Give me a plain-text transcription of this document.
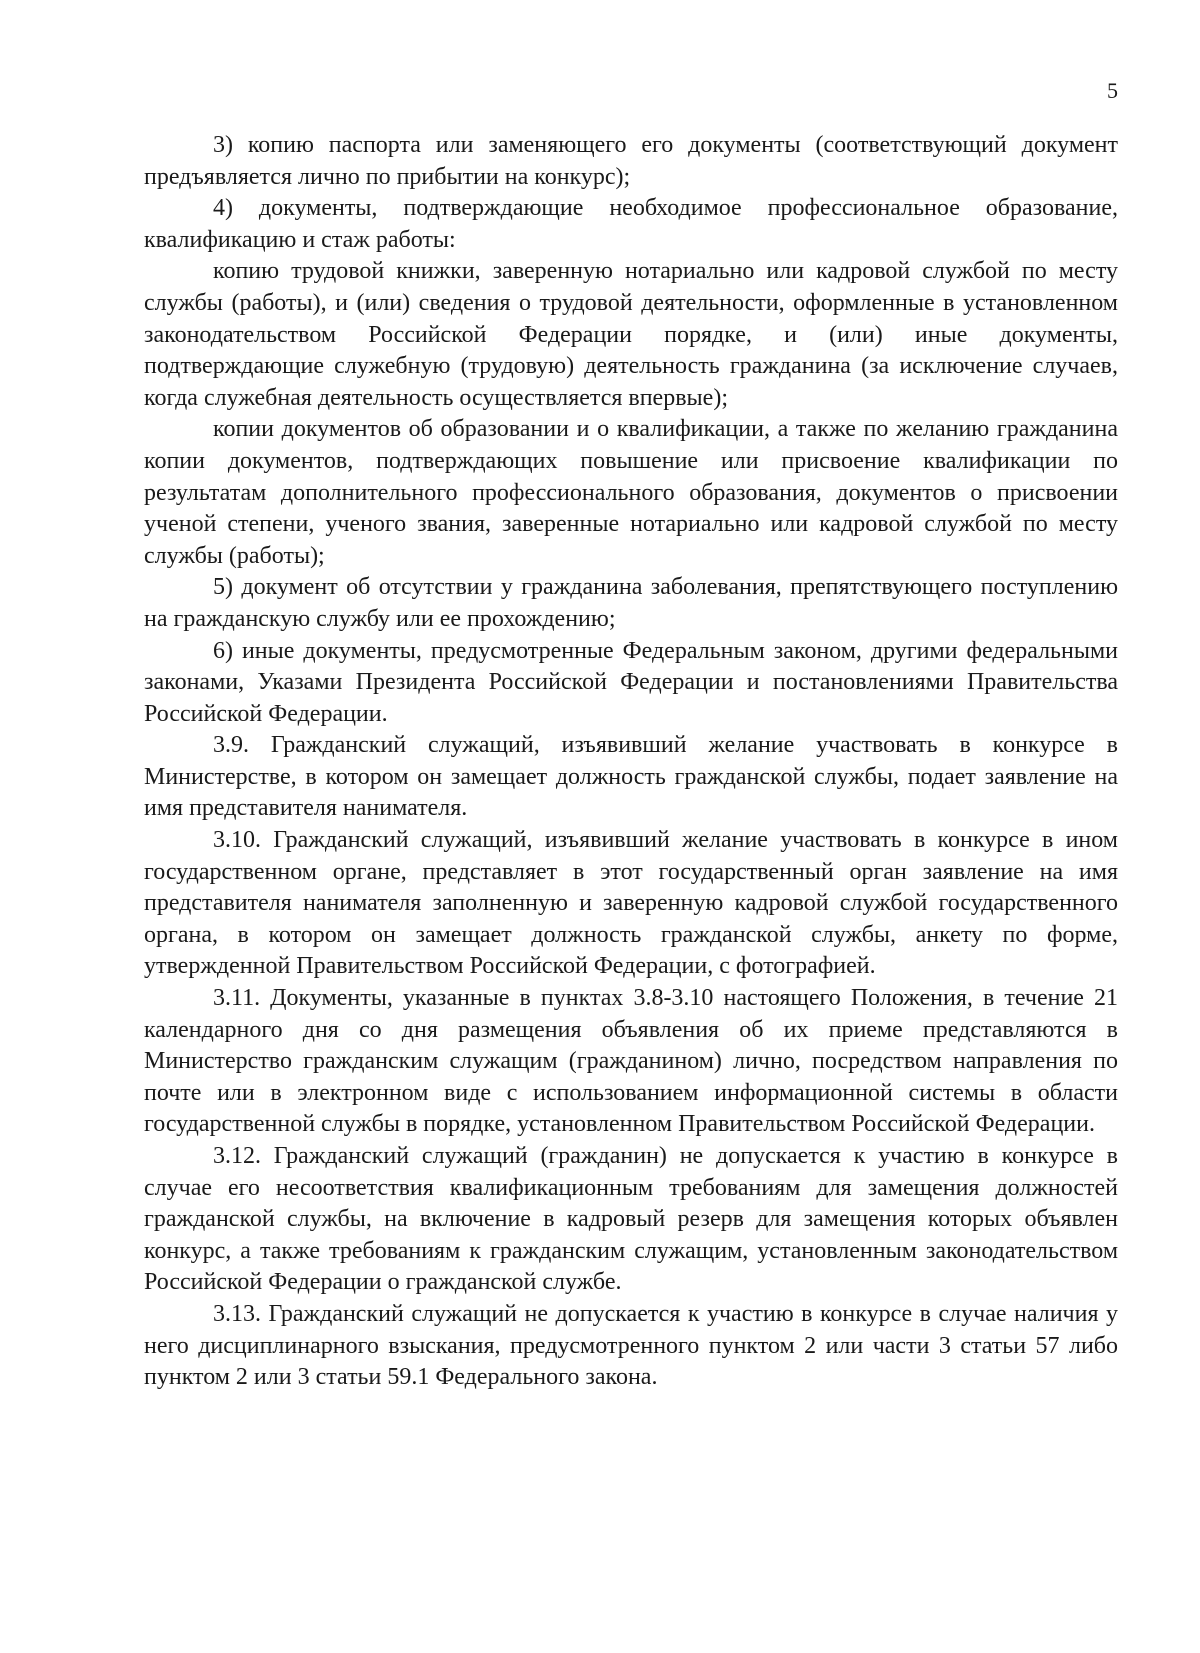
5

3) копию паспорта или заменяющего его документы (соответствующий документ предъявляется лично по прибытии на конкурс);

4) документы, подтверждающие необходимое профессиональное образование, квалификацию и стаж работы:

копию трудовой книжки, заверенную нотариально или кадровой службой по месту службы (работы), и (или) сведения о трудовой деятельности, оформленные в установленном законодательством Российской Федерации порядке, и (или) иные документы, подтверждающие служебную (трудовую) деятельность гражданина (за исключение случаев, когда служебная деятельность осуществляется впервые);

копии документов об образовании и о квалификации, а также по желанию гражданина копии документов, подтверждающих повышение или присвоение квалификации по результатам дополнительного профессионального образования, документов о присвоении ученой степени, ученого звания, заверенные нотариально или кадровой службой по месту службы (работы);

5) документ об отсутствии у гражданина заболевания, препятствующего поступлению на гражданскую службу или ее прохождению;

6) иные документы, предусмотренные Федеральным законом, другими федеральными законами, Указами Президента Российской Федерации и постановлениями Правительства Российской Федерации.

3.9. Гражданский служащий, изъявивший желание участвовать в конкурсе в Министерстве, в котором он замещает должность гражданской службы, подает заявление на имя представителя нанимателя.

3.10. Гражданский служащий, изъявивший желание участвовать в конкурсе в ином государственном органе, представляет в этот государственный орган заявление на имя представителя нанимателя заполненную и заверенную кадровой службой государственного органа, в котором он замещает должность гражданской службы, анкету по форме, утвержденной Правительством Российской Федерации, с фотографией.

3.11. Документы, указанные в пунктах 3.8-3.10 настоящего Положения, в течение 21 календарного дня со дня размещения объявления об их приеме представляются в Министерство гражданским служащим (гражданином) лично, посредством направления по почте или в электронном виде с использованием информационной системы в области государственной службы в порядке, установленном Правительством Российской Федерации.

3.12. Гражданский служащий (гражданин) не допускается к участию в конкурсе в случае его несоответствия квалификационным требованиям для замещения должностей гражданской службы, на включение в кадровый резерв для замещения которых объявлен конкурс, а также требованиям к гражданским служащим, установленным законодательством Российской Федерации о гражданской службе.

3.13. Гражданский служащий не допускается к участию в конкурсе в случае наличия у него дисциплинарного взыскания, предусмотренного пунктом 2 или части 3 статьи 57 либо пунктом 2 или 3 статьи 59.1 Федерального закона.
